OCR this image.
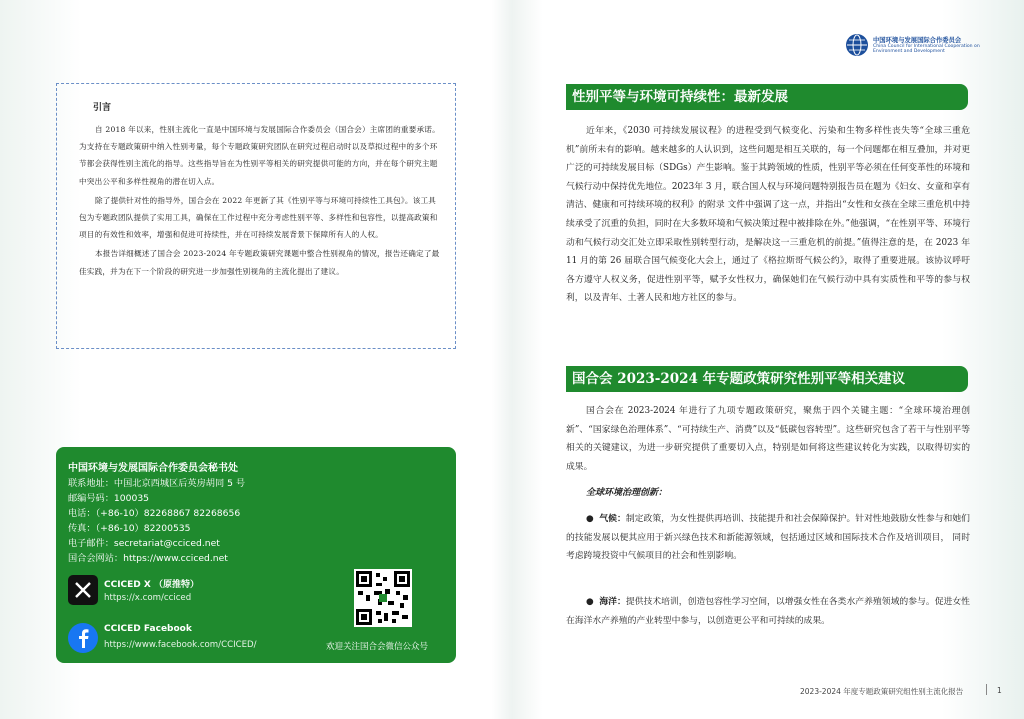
引言

自 2018 年以来，性别主流化一直是中国环境与发展国际合作委员会（国合会）主席团的重要承诺。为支持在专题政策研中纳入性别考量，每个专题政策研究团队在研究过程启动时以及草拟过程中的多个环节都会获得性别主流化的指导。这些指导旨在为性别平等相关的研究提供可能的方向，并在每个研究主题中突出公平和多样性视角的潜在切入点。

除了提供针对性的指导外，国合会在 2022 年更新了其《性别平等与环境可持续性工具包》。该工具包为专题政团队提供了实用工具，确保在工作过程中充分考虑性别平等、多样性和包容性，以提高政策和项目的有效性和效率，增强和促进可持续性，并在可持续发展背景下保障所有人的人权。

本报告详细概述了国合会 2023-2024 年专题政策研究课题中整合性别视角的情况，报告还确定了最佳实践，并为在下一个阶段的研究进一步加强性别视角的主流化提出了建议。

中国环境与发展国际合作委员会秘书处
联系地址：中国北京西城区后英房胡同 5 号
邮编号码：100035
电话：（+86-10）82268867 82268656
传真：（+86-10）82200535
电子邮件：secretariat@cciced.net
国合会网站：https://www.cciced.net
CCICED X （原推特）
https://x.com/cciced
CCICED Facebook
https://www.facebook.com/CCICED/	欢迎关注国合会微信公众号
中国环境与发展国际合作委员会
China Council for International Cooperation on Environment and Development
性别平等与环境可持续性：最新发展

近年来，《2030 可持续发展议程》的进程受到气候变化、污染和生物多样性丧失等“全球三重危机”前所未有的影响。越来越多的人认识到，这些问题是相互关联的，每一个问题都在相互叠加，并对更广泛的可持续发展目标（SDGs）产生影响。鉴于其跨领域的性质，性别平等必须在任何变革性的环境和气候行动中保持优先地位。2023年 3 月，联合国人权与环境问题特别报告员在题为《妇女、女童和享有清洁、健康和可持续环境的权利》的附录 文件中强调了这一点，并指出“女性和女孩在全球三重危机中持续承受了沉重的负担，同时在大多数环境和气候决策过程中被排除在外。”他强调，“在性别平等、环境行动和气候行动交汇处立即采取性别转型行动，是解决这一三重危机的前提。”值得注意的是，在 2023 年 11 月的第 26 届联合国气候变化大会上，通过了《格拉斯哥气候公约》，取得了重要进展。该协议呼吁各方遵守人权义务，促进性别平等，赋予女性权力，确保她们在气候行动中具有实质性和平等的参与权利，以及青年、土著人民和地方社区的参与。

国合会 2023-2024 年专题政策研究性别平等相关建议

国合会在 2023-2024 年进行了九项专题政策研究，聚焦于四个关键主题：“全球环境治理创新”、“国家绿色治理体系”、“可持续生产、消费”以及“低碳包容转型”。这些研究包含了若干与性别平等相关的关键建议，为进一步研究提供了重要切入点，特别是如何将这些建议转化为实践，以取得切实的成果。

全球环境治理创新：

●  气候：制定政策，为女性提供再培训、技能提升和社会保障保护。针对性地鼓励女性参与和她们的技能发展以便其应用于新兴绿色技术和新能源领域，包括通过区域和国际技术合作及培训项目， 同时考虑跨境投资中气候项目的社会和性别影响。

●  海洋：提供技术培训，创造包容性学习空间，以增强女性在各类水产养殖领域的参与。促进女性在海洋水产养殖的产业转型中参与，以创造更公平和可持续的成果。

2023-2024 年度专题政策研究组性别主流化报告	1
